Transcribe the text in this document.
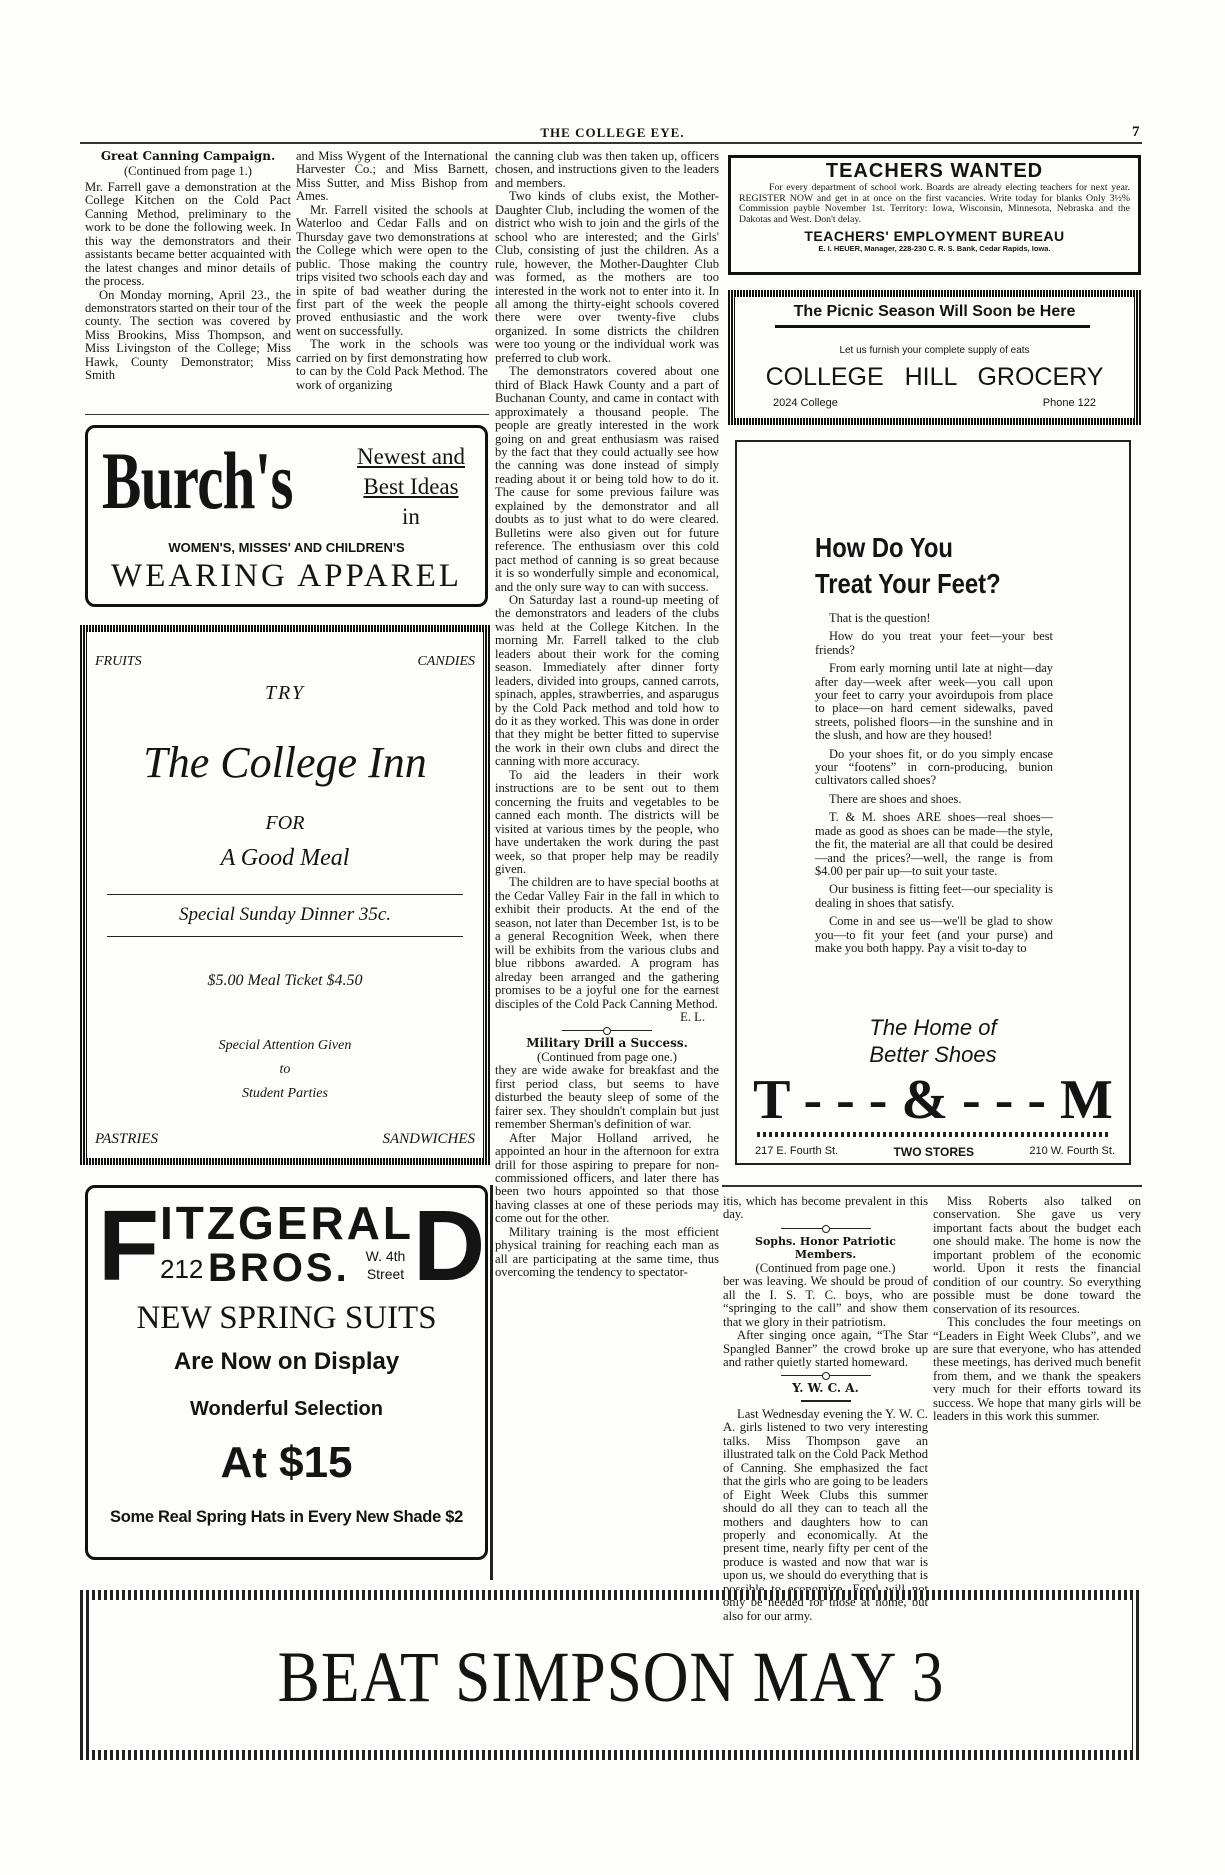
THE COLLEGE EYE.	7

Great Canning Campaign.

(Continued from page 1.)

Mr. Farrell gave a demonstration at the College Kitchen on the Cold Pact Canning Method, preliminary to the work to be done the following week. In this way the demonstrators and their assistants became better acquainted with the latest changes and minor details of the process.

On Monday morning, April 23., the demonstrators started on their tour of the county. The section was covered by Miss Brookins, Miss Thompson, and Miss Livingston of the College; Miss Hawk, County Demonstrator; Miss Smith

and Miss Wygent of the International Harvester Co.; and Miss Barnett, Miss Sutter, and Miss Bishop from Ames.

Mr. Farrell visited the schools at Waterloo and Cedar Falls and on Thursday gave two demonstrations at the College which were open to the public. Those making the country trips visited two schools each day and in spite of bad weather during the first part of the week the people proved enthusiastic and the work went on successfully.

The work in the schools was carried on by first demonstrating how to can by the Cold Pack Method. The work of organizing

Burch's	Newest and
Best Ideas
in
WOMEN'S, MISSES' AND CHILDREN'S
WEARING APPAREL
FRUITS	CANDIES
TRY
The College Inn
FOR
A Good Meal
Special Sunday Dinner 35c.
$5.00 Meal Ticket $4.50
Special Attention Given
to
Student Parties
PASTRIES	SANDWICHES
F ITZGERAL D
212 BROS.	W. 4th
Street
NEW SPRING SUITS
Are Now on Display
Wonderful Selection
At $15
Some Real Spring Hats in Every New Shade $2

the canning club was then taken up, officers chosen, and instructions given to the leaders and members.

Two kinds of clubs exist, the Mother-Daughter Club, including the women of the district who wish to join and the girls of the school who are interested; and the Girls' Club, consisting of just the children. As a rule, however, the Mother-Daughter Club was formed, as the mothers are too interested in the work not to enter into it. In all among the thirty-eight schools covered there were over twenty-five clubs organized. In some districts the children were too young or the individual work was preferred to club work.

The demonstrators covered about one third of Black Hawk County and a part of Buchanan County, and came in contact with approximately a thousand people. The people are greatly interested in the work going on and great enthusiasm was raised by the fact that they could actually see how the canning was done instead of simply reading about it or being told how to do it. The cause for some previous failure was explained by the demonstrator and all doubts as to just what to do were cleared. Bulletins were also given out for future reference. The enthusiasm over this cold pact method of canning is so great because it is so wonderfully simple and economical, and the only sure way to can with success.

On Saturday last a round-up meeting of the demonstrators and leaders of the clubs was held at the College Kitchen. In the morning Mr. Farrell talked to the club leaders about their work for the coming season. Immediately after dinner forty leaders, divided into groups, canned carrots, spinach, apples, strawberries, and asparugus by the Cold Pack method and told how to do it as they worked. This was done in order that they might be better fitted to supervise the work in their own clubs and direct the canning with more accuracy.

To aid the leaders in their work instructions are to be sent out to them concerning the fruits and vegetables to be canned each month. The districts will be visited at various times by the people, who have undertaken the work during the past week, so that proper help may be readily given.

The children are to have special booths at the Cedar Valley Fair in the fall in which to exhibit their products. At the end of the season, not later than December 1st, is to be a general Recognition Week, when there will be exhibits from the various clubs and blue ribbons awarded. A program has alreday been arranged and the gathering promises to be a joyful one for the earnest disciples of the Cold Pack Canning Method.

E. L.

Military Drill a Success.

(Continued from page one.)

they are wide awake for breakfast and the first period class, but seems to have disturbed the beauty sleep of some of the fairer sex. They shouldn't complain but just remember Sherman's definition of war.

After Major Holland arrived, he appointed an hour in the afternoon for extra drill for those aspiring to prepare for non-commissioned officers, and later there has been two hours appointed so that those having classes at one of these periods may come out for the other.

Military training is the most efficient physical training for reaching each man as all are participating at the same time, thus overcoming the tendency to spectator-

TEACHERS WANTED
For every department of school work. Boards are already electing teachers for next year. REGISTER NOW and get in at once on the first vacancies. Write today for blanks Only 3½% Commission payble November 1st. Territory: Iowa, Wisconsin, Minnesota, Nebraska and the Dakotas and West. Don't delay.
TEACHERS' EMPLOYMENT BUREAU
E. I. HEUER, Manager, 228-230 C. R. S. Bank, Cedar Rapids, Iowa.
The Picnic Season Will Soon be Here
Let us furnish your complete supply of eats
COLLEGE HILL GROCERY
2024 College	Phone 122
How Do You
Treat Your Feet?

That is the question!

How do you treat your feet—your best friends?

From early morning until late at night—day after day—week after week—you call upon your feet to carry your avoirdupois from place to place—on hard cement sidewalks, paved streets, polished floors—in the sunshine and in the slush, and how are they housed!

Do your shoes fit, or do you simply encase your “footens” in corn-producing, bunion cultivators called shoes?

There are shoes and shoes.

T. & M. shoes ARE shoes—real shoes—made as good as shoes can be made—the style, the fit, the material are all that could be desired—and the prices?—well, the range is from $4.00 per pair up—to suit your taste.

Our business is fitting feet—our speciality is dealing in shoes that satisfy.

Come in and see us—we'll be glad to show you—to fit your feet (and your purse) and make you both happy. Pay a visit to-day to

The Home of
Better Shoes
T - - - & - - - M
217 E. Fourth St.	TWO STORES	210 W. Fourth St.

itis, which has become prevalent in this day.

Sophs. Honor Patriotic Members.

(Continued from page one.)

ber was leaving. We should be proud of all the I. S. T. C. boys, who are “springing to the call” and show them that we glory in their patriotism.

After singing once again, “The Star Spangled Banner” the crowd broke up and rather quietly started homeward.

Y. W. C. A.

Last Wednesday evening the Y. W. C. A. girls listened to two very interesting talks. Miss Thompson gave an illustrated talk on the Cold Pack Method of Canning. She emphasized the fact that the girls who are going to be leaders of Eight Week Clubs this summer should do all they can to teach all the mothers and daughters how to can properly and economically. At the present time, nearly fifty per cent of the produce is wasted and now that war is upon us, we should do everything that is possible to economize. Food will not only be needed for those at home, but also for our army.

Miss Roberts also talked on conservation. She gave us very important facts about the budget each one should make. The home is now the important problem of the economic world. Upon it rests the financial condition of our country. So everything possible must be done toward the conservation of its resources.

This concludes the four meetings on “Leaders in Eight Week Clubs”, and we are sure that everyone, who has attended these meetings, has derived much benefit from them, and we thank the speakers very much for their efforts toward its success. We hope that many girls will be leaders in this work this summer.

BEAT SIMPSON MAY 3
